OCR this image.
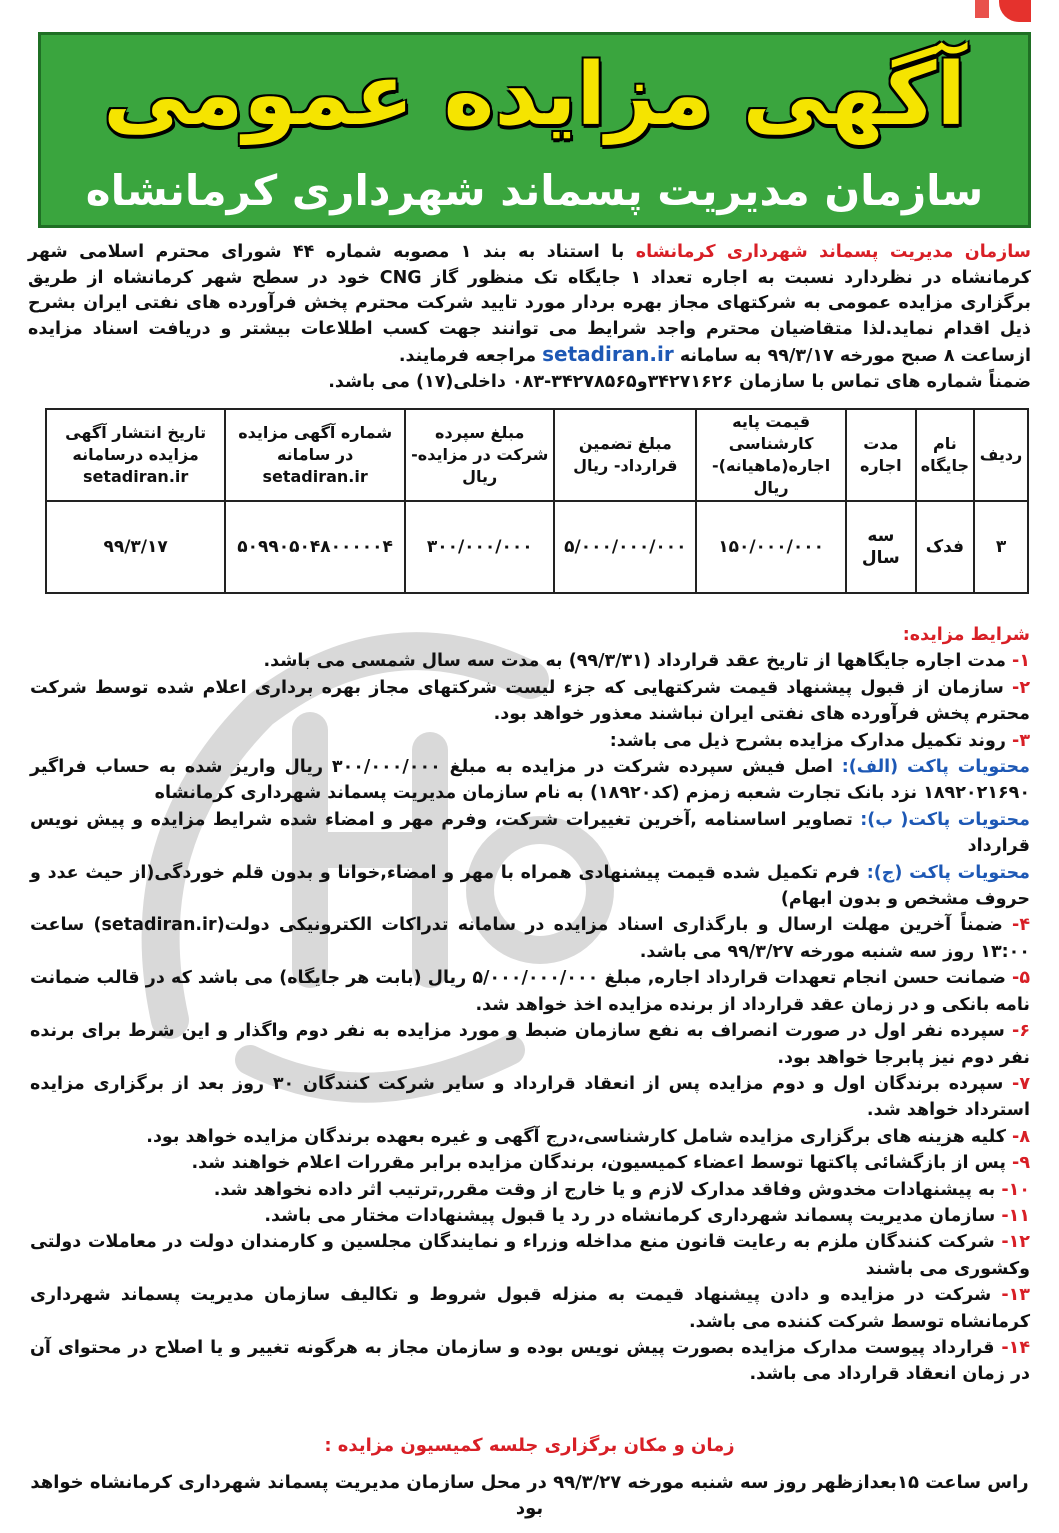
آگهی مزایده عمومی
سازمان مدیریت پسماند شهرداری کرمانشاه
سازمان مدیریت پسماند شهرداری کرمانشاه با استناد به بند ۱ مصوبه شماره ۴۴ شورای محترم اسلامی شهر کرمانشاه در نظردارد نسبت به اجاره تعداد ۱ جایگاه تک منظور گاز CNG خود در سطح شهر کرمانشاه از طریق برگزاری مزایده عمومی به شرکتهای مجاز بهره بردار مورد تایید شرکت محترم پخش فرآورده های نفتی ایران بشرح ذیل اقدام نماید.لذا متقاضیان محترم واجد شرایط می توانند جهت کسب اطلاعات بیشتر و دریافت اسناد مزایده ازساعت ۸ صبح مورخه ۹۹/۳/۱۷ به سامانه setadiran.ir مراجعه فرمایند.
ضمناً شماره های تماس با سازمان ۳۴۲۷۱۶۲۶و۳۴۲۷۸۵۶۵-۰۸۳ داخلی(۱۷) می باشد.
ردیف	نام جایگاه	مدت اجاره	قیمت پایه کارشناسی اجاره(ماهیانه)- ریال	مبلغ تضمین قرارداد- ریال	مبلغ سپرده شرکت در مزایده- ریال	شماره آگهی مزایده در سامانه setadiran.ir	تاریخ انتشار آگهی مزایده درسامانه setadiran.ir
۳	فدک	سه سال	۱۵۰/۰۰۰/۰۰۰	۵/۰۰۰/۰۰۰/۰۰۰	۳۰۰/۰۰۰/۰۰۰	۵۰۹۹۰۵۰۴۸۰۰۰۰۰۴	۹۹/۳/۱۷
شرایط مزایده:
۱- مدت اجاره جایگاهها از تاریخ عقد قرارداد (۹۹/۳/۳۱) به مدت سه سال شمسی می باشد.
۲- سازمان از قبول پیشنهاد قیمت شرکتهایی که جزء لیست شرکتهای مجاز بهره برداری اعلام شده توسط شرکت محترم پخش فرآورده های نفتی ایران نباشند معذور خواهد بود.
۳- روند تکمیل مدارک مزایده بشرح ذیل می باشد:
محتویات پاکت (الف): اصل فیش سپرده شرکت در مزایده به مبلغ ۳۰۰/۰۰۰/۰۰۰ ریال واریز شده به حساب فراگیر ۱۸۹۲۰۲۱۶۹۰ نزد بانک تجارت شعبه زمزم (کد۱۸۹۲۰) به نام سازمان مدیریت پسماند شهرداری کرمانشاه
محتویات پاکت( ب): تصاویر اساسنامه ,آخرین تغییرات شرکت، وفرم مهر و امضاء شده شرایط مزایده و پیش نویس قرارداد
محتویات پاکت (ج): فرم تکمیل شده قیمت پیشنهادی همراه با مهر و امضاء,خوانا و بدون قلم خوردگی(از حیث عدد و حروف مشخص و بدون ابهام)
۴- ضمناً آخرین مهلت ارسال و بارگذاری اسناد مزایده در سامانه تدراکات الکترونیکی دولت(setadiran.ir) ساعت ۱۳:۰۰ روز سه شنبه مورخه ۹۹/۳/۲۷ می باشد.
۵- ضمانت حسن انجام تعهدات قرارداد اجاره, مبلغ ۵/۰۰۰/۰۰۰/۰۰۰ ریال (بابت هر جایگاه) می باشد که در قالب ضمانت نامه بانکی و در زمان عقد قرارداد از برنده مزایده اخذ خواهد شد.
۶- سپرده نفر اول در صورت انصراف به نفع سازمان ضبط و مورد مزایده به نفر دوم واگذار و این شرط برای برنده نفر دوم نیز پابرجا خواهد بود.
۷- سپرده برندگان اول و دوم مزایده پس از انعقاد قرارداد و سایر شرکت کنندگان ۳۰ روز بعد از برگزاری مزایده استرداد خواهد شد.
۸- کلیه هزینه های برگزاری مزایده شامل کارشناسی،درج آگهی و غیره بعهده برندگان مزایده خواهد بود.
۹- پس از بازگشائی پاکتها توسط اعضاء کمیسیون، برندگان مزایده برابر مقررات اعلام خواهند شد.
۱۰- به پیشنهادات مخدوش وفاقد مدارک لازم و یا خارج از وقت مقرر,ترتیب اثر داده نخواهد شد.
۱۱- سازمان مدیریت پسماند شهرداری کرمانشاه در رد یا قبول پیشنهادات مختار می باشد.
۱۲- شرکت کنندگان ملزم به رعایت قانون منع مداخله وزراء و نمایندگان مجلسین و کارمندان دولت در معاملات دولتی وکشوری می باشند
۱۳- شرکت در مزایده و دادن پیشنهاد قیمت به منزله قبول شروط و تکالیف سازمان مدیریت پسماند شهرداری کرمانشاه توسط شرکت کننده می باشد.
۱۴- قرارداد پیوست مدارک مزایده بصورت پیش نویس بوده و سازمان مجاز به هرگونه تغییر و یا اصلاح در محتوای آن در زمان انعقاد قرارداد می باشد.
زمان و مکان برگزاری جلسه کمیسیون مزایده :
راس ساعت ۱۵بعدازظهر روز سه شنبه مورخه ۹۹/۳/۲۷ در محل سازمان مدیریت پسماند شهرداری کرمانشاه خواهد بود
